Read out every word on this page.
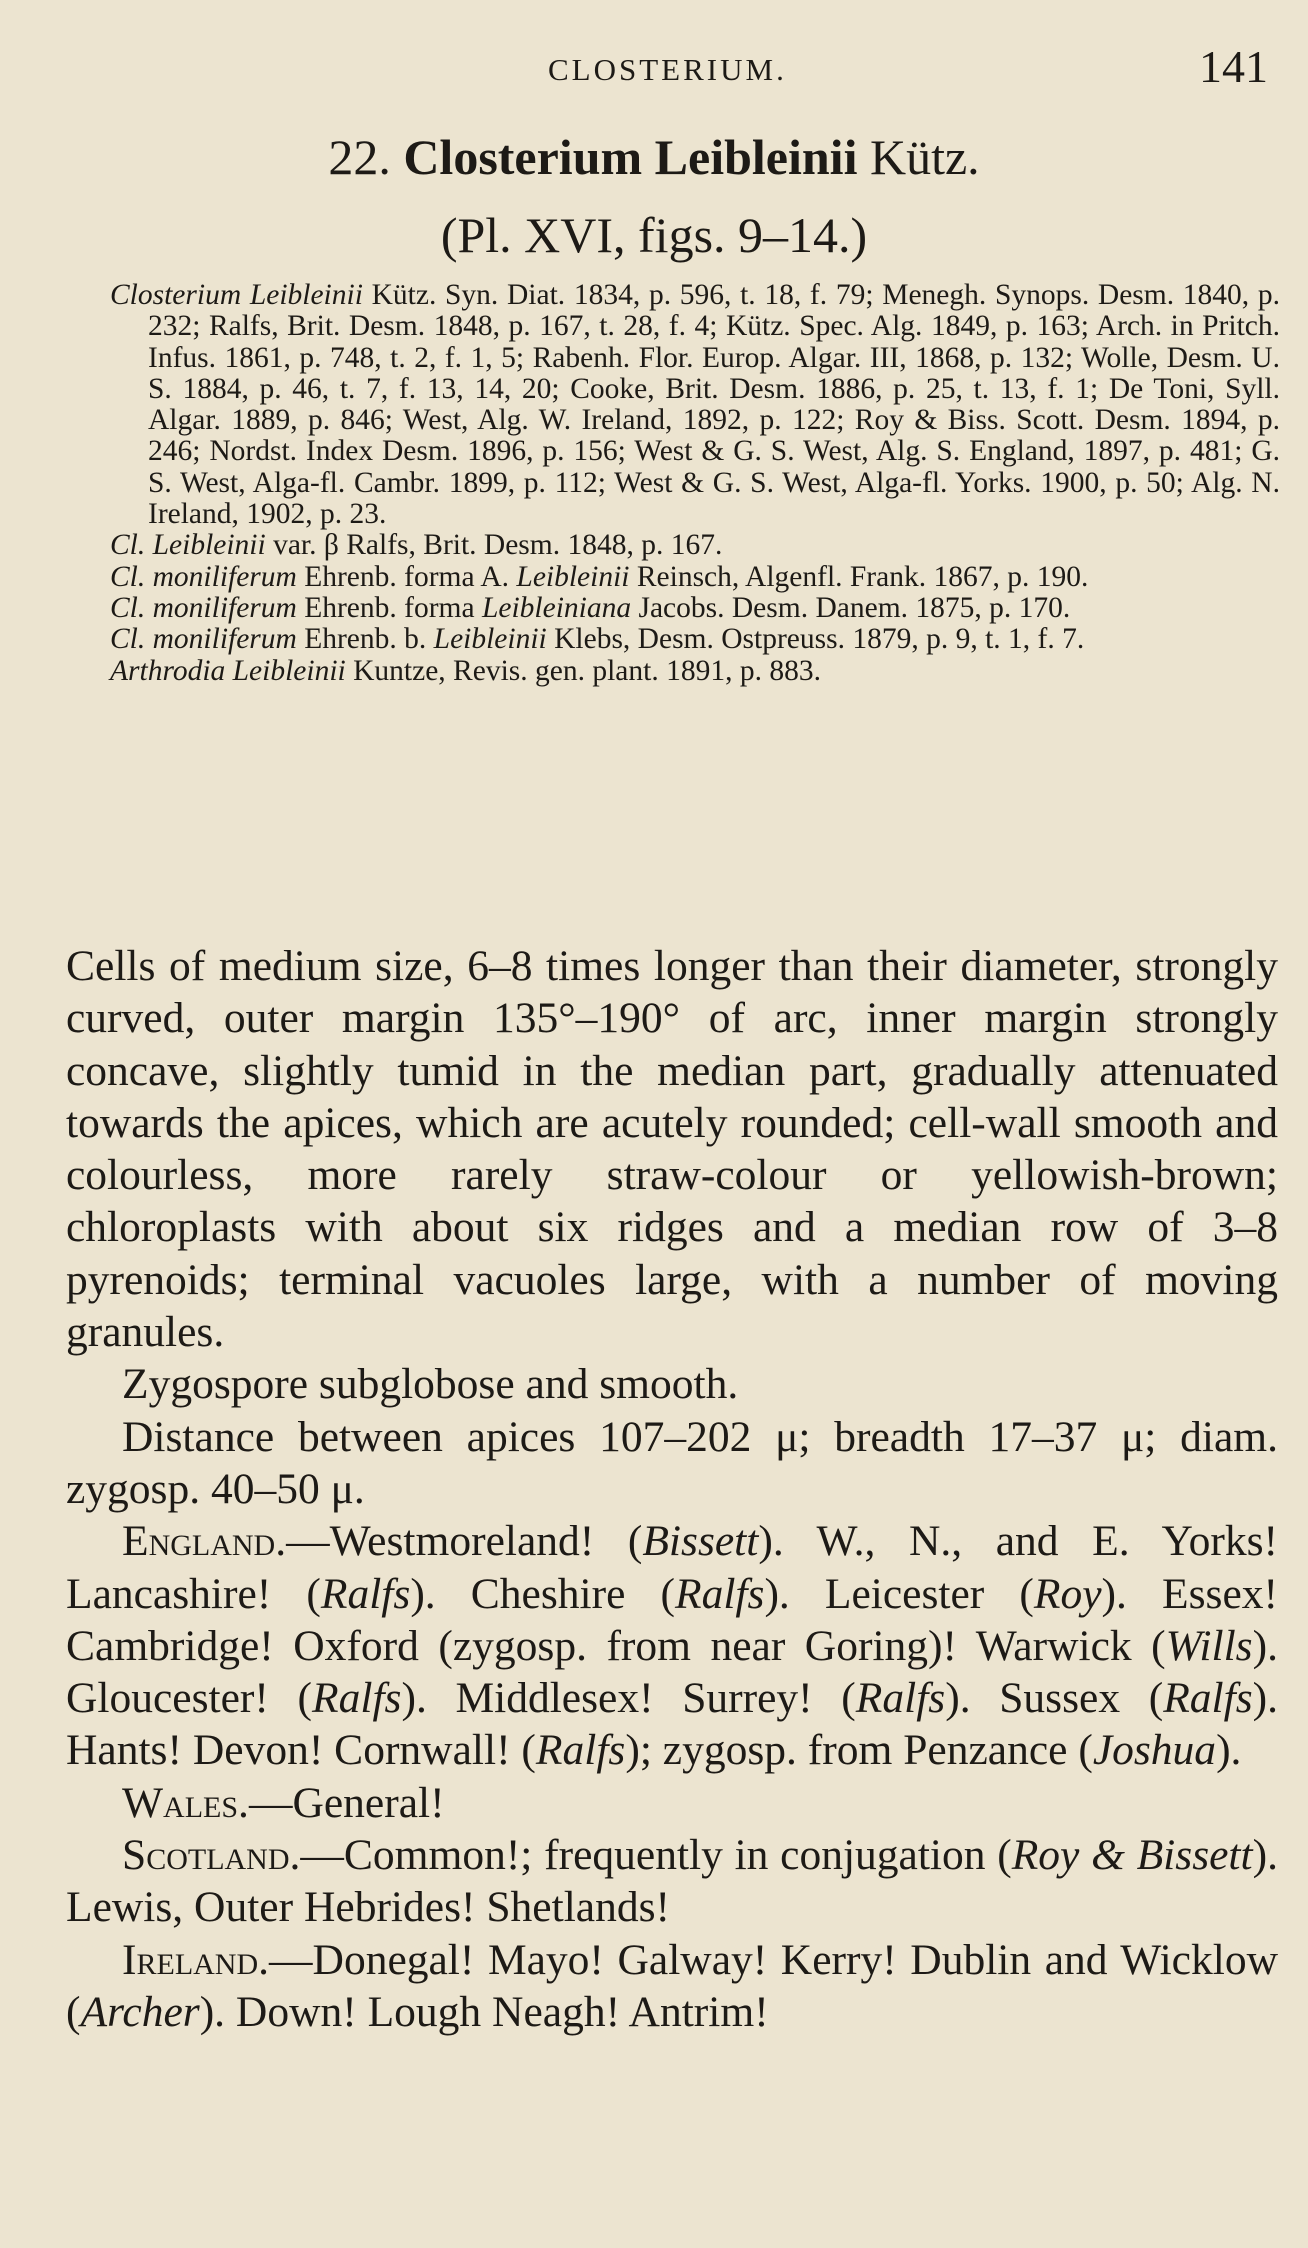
CLOSTERIUM.	141
22. Closterium Leibleinii Kütz.
(Pl. XVI, figs. 9–14.)

Closterium Leibleinii Kütz. Syn. Diat. 1834, p. 596, t. 18, f. 79; Menegh. Synops. Desm. 1840, p. 232; Ralfs, Brit. Desm. 1848, p. 167, t. 28, f. 4; Kütz. Spec. Alg. 1849, p. 163; Arch. in Pritch. Infus. 1861, p. 748, t. 2, f. 1, 5; Rabenh. Flor. Europ. Algar. III, 1868, p. 132; Wolle, Desm. U. S. 1884, p. 46, t. 7, f. 13, 14, 20; Cooke, Brit. Desm. 1886, p. 25, t. 13, f. 1; De Toni, Syll. Algar. 1889, p. 846; West, Alg. W. Ireland, 1892, p. 122; Roy & Biss. Scott. Desm. 1894, p. 246; Nordst. Index Desm. 1896, p. 156; West & G. S. West, Alg. S. England, 1897, p. 481; G. S. West, Alga-fl. Cambr. 1899, p. 112; West & G. S. West, Alga-fl. Yorks. 1900, p. 50; Alg. N. Ireland, 1902, p. 23.

Cl. Leibleinii var. β Ralfs, Brit. Desm. 1848, p. 167.

Cl. moniliferum Ehrenb. forma A. Leibleinii Reinsch, Algenfl. Frank. 1867, p. 190.

Cl. moniliferum Ehrenb. forma Leibleiniana Jacobs. Desm. Danem. 1875, p. 170.

Cl. moniliferum Ehrenb. b. Leibleinii Klebs, Desm. Ostpreuss. 1879, p. 9, t. 1, f. 7.

Arthrodia Leibleinii Kuntze, Revis. gen. plant. 1891, p. 883.

Cells of medium size, 6–8 times longer than their diameter, strongly curved, outer margin 135°–190° of arc, inner margin strongly concave, slightly tumid in the median part, gradually attenuated towards the apices, which are acutely rounded; cell-wall smooth and colourless, more rarely straw-colour or yellowish-brown; chloroplasts with about six ridges and a median row of 3–8 pyrenoids; terminal vacuoles large, with a number of moving granules.

Zygospore subglobose and smooth.

Distance between apices 107–202 μ; breadth 17–37 μ; diam. zygosp. 40–50 μ.

England.—Westmoreland! (Bissett). W., N., and E. Yorks! Lancashire! (Ralfs). Cheshire (Ralfs). Leicester (Roy). Essex! Cambridge! Oxford (zygosp. from near Goring)! Warwick (Wills). Gloucester! (Ralfs). Middlesex! Surrey! (Ralfs). Sussex (Ralfs). Hants! Devon! Cornwall! (Ralfs); zygosp. from Penzance (Joshua).

Wales.—General!

Scotland.—Common!; frequently in conjugation (Roy & Bissett). Lewis, Outer Hebrides! Shetlands!

Ireland.—Donegal! Mayo! Galway! Kerry! Dublin and Wicklow (Archer). Down! Lough Neagh! Antrim!
